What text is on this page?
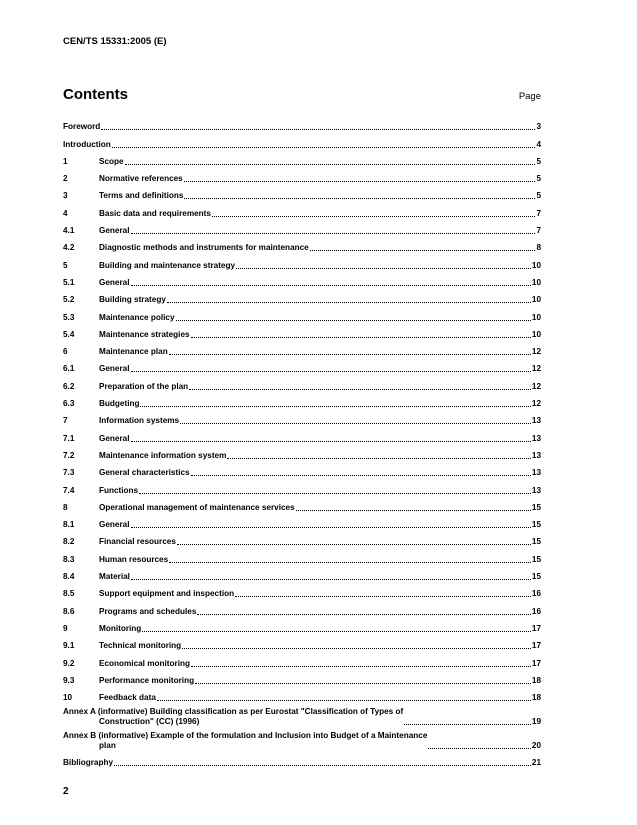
CEN/TS 15331:2005 (E)
Contents	Page
Foreword	3
Introduction	4
1	Scope	5
2	Normative references	5
3	Terms and definitions	5
4	Basic data and requirements	7
4.1	General	7
4.2	Diagnostic methods and instruments for maintenance	8
5	Building and maintenance strategy	10
5.1	General	10
5.2	Building strategy	10
5.3	Maintenance policy	10
5.4	Maintenance strategies	10
6	Maintenance plan	12
6.1	General	12
6.2	Preparation of the plan	12
6.3	Budgeting	12
7	Information systems	13
7.1	General	13
7.2	Maintenance information system	13
7.3	General characteristics	13
7.4	Functions	13
8	Operational management of maintenance services	15
8.1	General	15
8.2	Financial resources	15
8.3	Human resources	15
8.4	Material	15
8.5	Support equipment and inspection	16
8.6	Programs and schedules	16
9	Monitoring	17
9.1	Technical monitoring	17
9.2	Economical monitoring	17
9.3	Performance monitoring	18
10	Feedback data	18
Annex A (informative) Building classification as per Eurostat "Classification of Types of
Construction" (CC) (1996)	19
Annex B (informative) Example of the formulation and Inclusion into Budget of a Maintenance
plan	20
Bibliography	21
2
